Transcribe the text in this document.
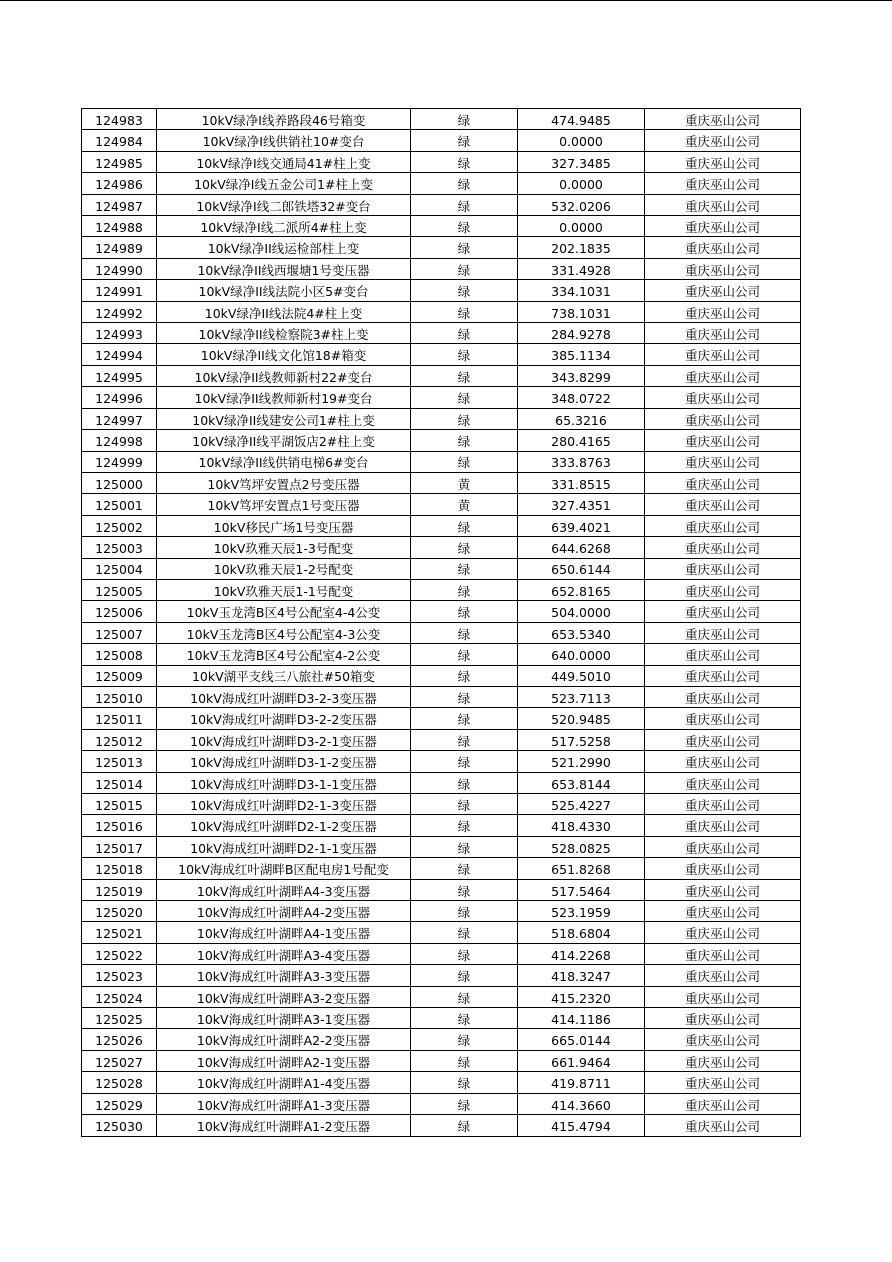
124983	10kV绿净I线养路段46号箱变	绿	474.9485	重庆巫山公司
124984	10kV绿净I线供销社10#变台	绿	0.0000	重庆巫山公司
124985	10kV绿净I线交通局41#柱上变	绿	327.3485	重庆巫山公司
124986	10kV绿净I线五金公司1#柱上变	绿	0.0000	重庆巫山公司
124987	10kV绿净I线二郎铁塔32#变台	绿	532.0206	重庆巫山公司
124988	10kV绿净I线二派所4#柱上变	绿	0.0000	重庆巫山公司
124989	10kV绿净II线运检部柱上变	绿	202.1835	重庆巫山公司
124990	10kV绿净II线西堰塘1号变压器	绿	331.4928	重庆巫山公司
124991	10kV绿净II线法院小区5#变台	绿	334.1031	重庆巫山公司
124992	10kV绿净II线法院4#柱上变	绿	738.1031	重庆巫山公司
124993	10kV绿净II线检察院3#柱上变	绿	284.9278	重庆巫山公司
124994	10kV绿净II线文化馆18#箱变	绿	385.1134	重庆巫山公司
124995	10kV绿净II线教师新村22#变台	绿	343.8299	重庆巫山公司
124996	10kV绿净II线教师新村19#变台	绿	348.0722	重庆巫山公司
124997	10kV绿净II线建安公司1#柱上变	绿	65.3216	重庆巫山公司
124998	10kV绿净II线平湖饭店2#柱上变	绿	280.4165	重庆巫山公司
124999	10kV绿净II线供销电梯6#变台	绿	333.8763	重庆巫山公司
125000	10kV笃坪安置点2号变压器	黄	331.8515	重庆巫山公司
125001	10kV笃坪安置点1号变压器	黄	327.4351	重庆巫山公司
125002	10kV移民广场1号变压器	绿	639.4021	重庆巫山公司
125003	10kV玖雅天辰1-3号配变	绿	644.6268	重庆巫山公司
125004	10kV玖雅天辰1-2号配变	绿	650.6144	重庆巫山公司
125005	10kV玖雅天辰1-1号配变	绿	652.8165	重庆巫山公司
125006	10kV玉龙湾B区4号公配室4-4公变	绿	504.0000	重庆巫山公司
125007	10kV玉龙湾B区4号公配室4-3公变	绿	653.5340	重庆巫山公司
125008	10kV玉龙湾B区4号公配室4-2公变	绿	640.0000	重庆巫山公司
125009	10kV湖平支线三八旅社#50箱变	绿	449.5010	重庆巫山公司
125010	10kV海成红叶湖畔D3-2-3变压器	绿	523.7113	重庆巫山公司
125011	10kV海成红叶湖畔D3-2-2变压器	绿	520.9485	重庆巫山公司
125012	10kV海成红叶湖畔D3-2-1变压器	绿	517.5258	重庆巫山公司
125013	10kV海成红叶湖畔D3-1-2变压器	绿	521.2990	重庆巫山公司
125014	10kV海成红叶湖畔D3-1-1变压器	绿	653.8144	重庆巫山公司
125015	10kV海成红叶湖畔D2-1-3变压器	绿	525.4227	重庆巫山公司
125016	10kV海成红叶湖畔D2-1-2变压器	绿	418.4330	重庆巫山公司
125017	10kV海成红叶湖畔D2-1-1变压器	绿	528.0825	重庆巫山公司
125018	10kV海成红叶湖畔B区配电房1号配变	绿	651.8268	重庆巫山公司
125019	10kV海成红叶湖畔A4-3变压器	绿	517.5464	重庆巫山公司
125020	10kV海成红叶湖畔A4-2变压器	绿	523.1959	重庆巫山公司
125021	10kV海成红叶湖畔A4-1变压器	绿	518.6804	重庆巫山公司
125022	10kV海成红叶湖畔A3-4变压器	绿	414.2268	重庆巫山公司
125023	10kV海成红叶湖畔A3-3变压器	绿	418.3247	重庆巫山公司
125024	10kV海成红叶湖畔A3-2变压器	绿	415.2320	重庆巫山公司
125025	10kV海成红叶湖畔A3-1变压器	绿	414.1186	重庆巫山公司
125026	10kV海成红叶湖畔A2-2变压器	绿	665.0144	重庆巫山公司
125027	10kV海成红叶湖畔A2-1变压器	绿	661.9464	重庆巫山公司
125028	10kV海成红叶湖畔A1-4变压器	绿	419.8711	重庆巫山公司
125029	10kV海成红叶湖畔A1-3变压器	绿	414.3660	重庆巫山公司
125030	10kV海成红叶湖畔A1-2变压器	绿	415.4794	重庆巫山公司
